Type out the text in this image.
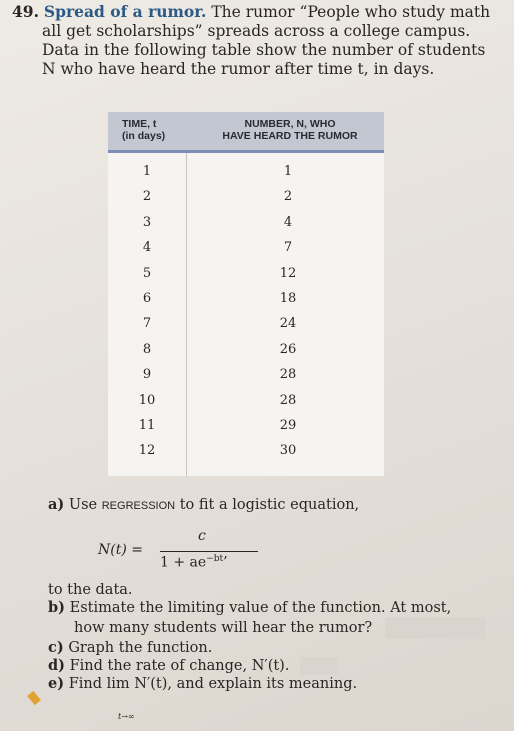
49. Spread of a rumor. The rumor “People who study math
all get scholarships” spreads across a college campus.
Data in the following table show the number of students
N who have heard the rumor after time t, in days.
TIME, t
(in days)
NUMBER, N, WHO
HAVE HEARD THE RUMOR
1	1
2	2
3	4
4	7
5	12
6	18
7	24
8	26
9	28
10	28
11	29
12	30
a) Use REGRESSION to fit a logistic equation,
N(t) =
c
$1 + ae^{-bt}$’
to the data.
b) Estimate the limiting value of the function. At most,
how many students will hear the rumor?
c) Graph the function.
d) Find the rate of change, N′(t).
e) Find lim N′(t), and explain its meaning.
t→∞
